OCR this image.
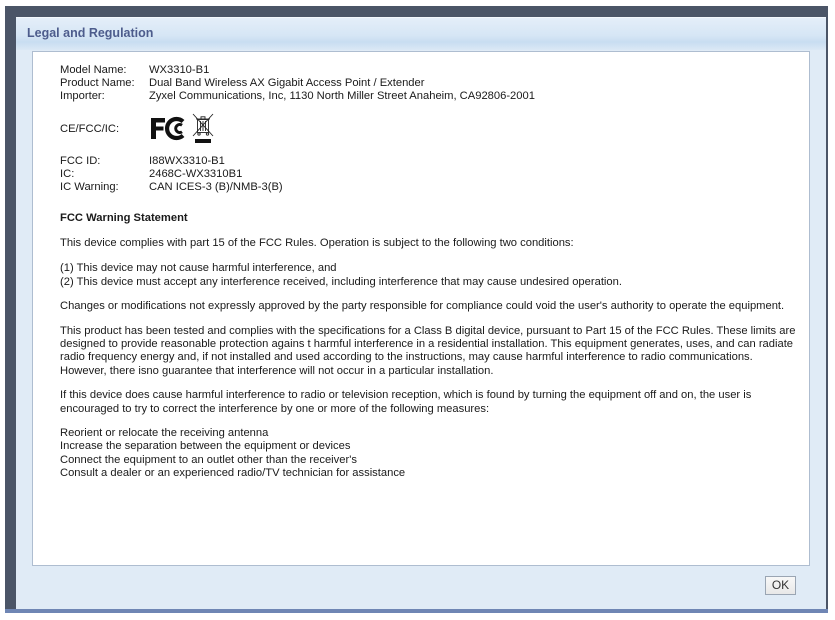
Legal and Regulation
Model Name: WX3310-B1
Product Name: Dual Band Wireless AX Gigabit Access Point / Extender
Importer:	Zyxel Communications, Inc, 1130 North Miller Street Anaheim, CA92806-2001
CE/FCC/IC:
FCC ID:	I88WX3310-B1
IC:	2468C-WX3310B1
IC Warning:	CAN ICES-3 (B)/NMB-3(B)
FCC Warning Statement

This device complies with part 15 of the FCC Rules. Operation is subject to the following two conditions:

(1) This device may not cause harmful interference, and

(2) This device must accept any interference received, including interference that may cause undesired operation.

Changes or modifications not expressly approved by the party responsible for compliance could void the user's authority to operate the equipment.

This product has been tested and complies with the specifications for a Class B digital device, pursuant to Part 15 of the FCC Rules. These limits are designed to provide reasonable protection agains t harmful interference in a residential installation. This equipment generates, uses, and can radiate radio frequency energy and, if not installed and used according to the instructions, may cause harmful interference to radio communications. However, there isno guarantee that interference will not occur in a particular installation.

If this device does cause harmful interference to radio or television reception, which is found by turning the equipment off and on, the user is encouraged to try to correct the interference by one or more of the following measures:

Reorient or relocate the receiving antenna

Increase the separation between the equipment or devices

Connect the equipment to an outlet other than the receiver's

Consult a dealer or an experienced radio/TV technician for assistance

OK
